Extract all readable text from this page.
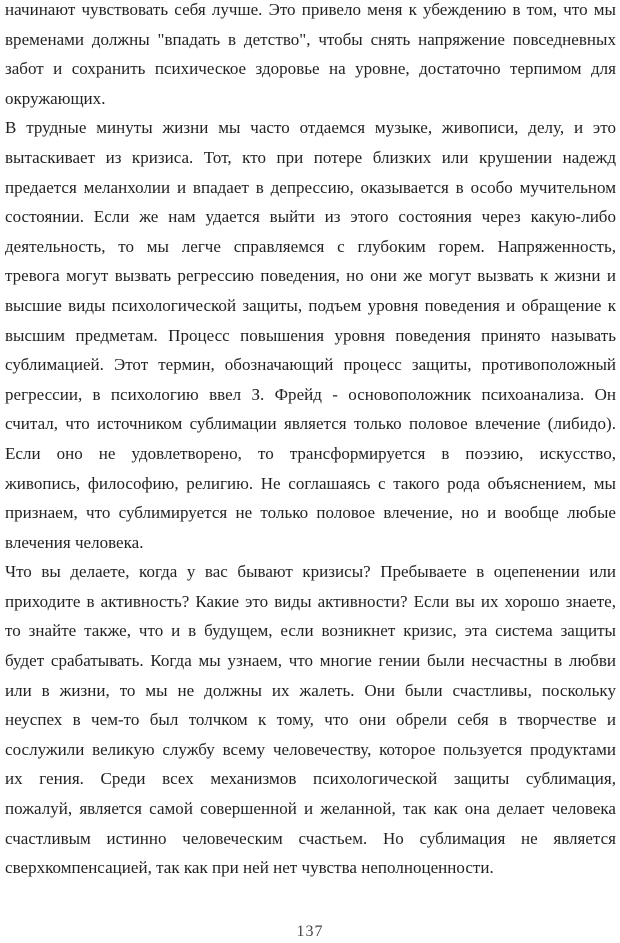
начинают чувствовать себя лучше. Это привело меня к убеждению в том, что мы
временами должны "впадать в детство", чтобы снять напряжение повседневных
забот и сохранить психическое здоровье на уровне, достаточно терпимом для
окружающих.
В трудные минуты жизни мы часто отдаемся музыке, живописи, делу, и это
вытаскивает из кризиса. Тот, кто при потере близких или крушении надежд
предается меланхолии и впадает в депрессию, оказывается в особо мучительном
состоянии. Если же нам удается выйти из этого состояния через какую-либо
деятельность, то мы легче справляемся с глубоким горем. Напряженность,
тревога могут вызвать регрессию поведения, но они же могут вызвать к жизни и
высшие виды психологической защиты, подъем уровня поведения и обращение к
высшим предметам. Процесс повышения уровня поведения принято называть
сублимацией. Этот термин, обозначающий процесс защиты, противоположный
регрессии, в психологию ввел З. Фрейд - основоположник психоанализа. Он
считал, что источником сублимации является только половое влечение (либидо).
Если оно не удовлетворено, то трансформируется в поэзию, искусство,
живопись, философию, религию. Не соглашаясь с такого рода объяснением, мы
признаем, что сублимируется не только половое влечение, но и вообще любые
влечения человека.
Что вы делаете, когда у вас бывают кризисы? Пребываете в оцепенении или
приходите в активность? Какие это виды активности? Если вы их хорошо знаете,
то знайте также, что и в будущем, если возникнет кризис, эта система защиты
будет срабатывать. Когда мы узнаем, что многие гении были несчастны в любви
или в жизни, то мы не должны их жалеть. Они были счастливы, поскольку
неуспех в чем-то был толчком к тому, что они обрели себя в творчестве и
сослужили великую службу всему человечеству, которое пользуется продуктами
их гения. Среди всех механизмов психологической защиты сублимация,
пожалуй, является самой совершенной и желанной, так как она делает человека
счастливым истинно человеческим счастьем. Но сублимация не является
сверхкомпенсацией, так как при ней нет чувства неполноценности.
137
